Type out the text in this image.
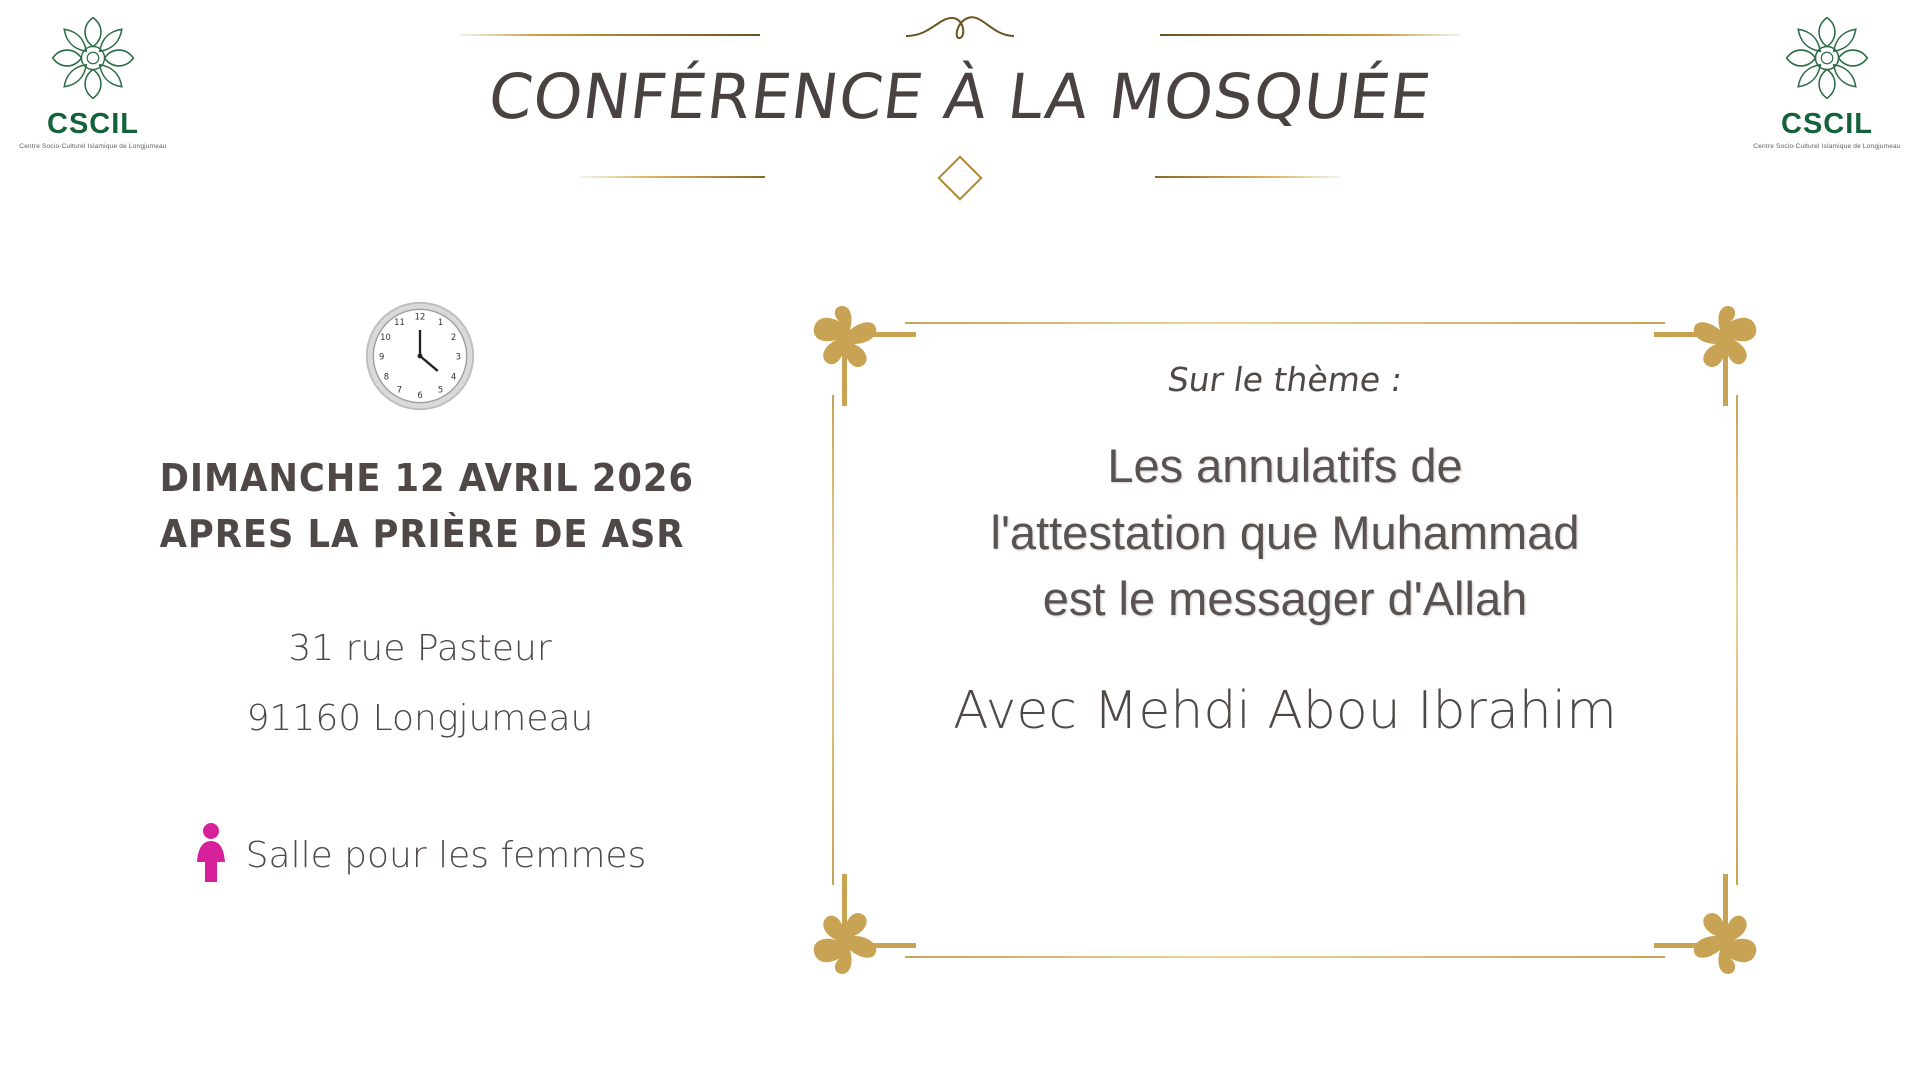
CSCIL
Centre Socio-Culturel Islamique de Longjumeau
CSCIL
Centre Socio-Culturel Islamique de Longjumeau
CONFÉRENCE À LA MOSQUÉE
12
1
2
3
4
5
6
7
8
9
10
11
DIMANCHE 12 AVRIL 2026
APRES LA PRIÈRE DE ASR
31 rue Pasteur
91160 Longjumeau
Salle pour les femmes
Sur le thème :
Les annulatifs de
l'attestation que Muhammad
est le messager d'Allah
Avec Mehdi Abou Ibrahim
